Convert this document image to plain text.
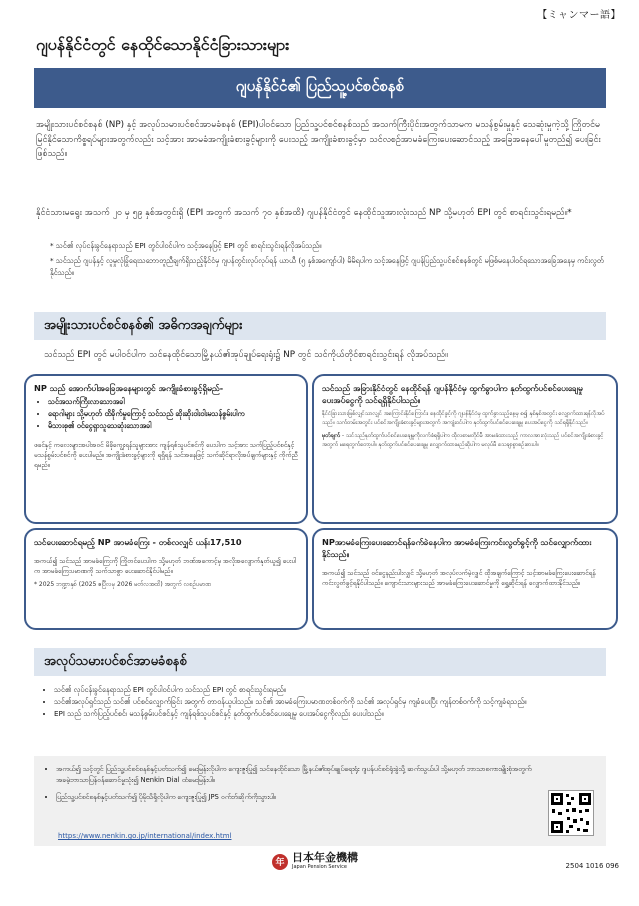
【ミャンマー語】
ဂျပန်နိုင်ငံတွင် နေထိုင်သောနိုင်ငံခြားသားများ
ဂျပန်နိုင်ငံ၏ ပြည်သူ့ပင်စင်စနစ်
အမျိုးသားပင်စင်စနစ် (NP) နှင့် အလုပ်သမားပင်စင်အာမခံစနစ် (EPI)ပါဝင်သော ပြည်သူ့ပင်စင်စနစ်သည် အသက်ကြီးပိုင်းအတွက်သာမက မသန်စွမ်းမှုနှင့် သေဆုံးမှုကဲ့သို့ ကြိုတင်မမြင်နိုင်သောကိစ္စရပ်များအတွက်လည်း သင့်အား အာမခံအကျိုးခံစားခွင့်များကို ပေးသည့် အကျိုးခံစားခွင့်မှာ သင်လစဉ်အာမခံကြေးပေးဆောင်သည့် အခြေအနေပေါ်မူတည်၍ ပေးခြင်းဖြစ်သည်။
နိုင်ငံသားမရွေး အသက် ၂၀ မှ ၅၉ နှစ်အတွင်းရှိ (EPI အတွက် အသက် ၇၀ နှစ်အထိ) ဂျပန်နိုင်ငံတွင် နေထိုင်သူအားလုံးသည် NP သို့မဟုတ် EPI တွင် စာရင်းသွင်းရမည်။*
* သင်၏ လုပ်ငန်းခွင်နေရာသည် EPI တွင်ပါဝင်ပါက သင့်အနေဖြင့် EPI တွင် စာရင်းသွင်းရန်လိုအပ်သည်။
* သင်သည် ဂျပန်နှင့် လူမှုလုံခြုံရေးသဘောတူညီချက်ရှိသည့်နိုင်ငံမှ ဂျပန်တွင်းလုပ်လုပ်ရန် ယာယီ (၅ နှစ်အကျော်ပါ) မိမိရပါက သင့်အနေဖြင့် ဂျပန်ပြည်သူ့ပင်စင်စနစ်တွင် မဖြစ်မနေပါဝင်ရသောအခြေအနေမှ ကင်းလွတ်နိုင်သည်။
အမျိုးသားပင်စင်စနစ်၏ အဓိကအချက်များ
သင်သည် EPI တွင် မပါဝင်ပါက သင်နေထိုင်သောမြို့နယ်၏အုပ်ချုပ်ရေးရုံး၌ NP တွင် သင်ကိုယ်တိုင်စာရင်းသွင်းရန် လိုအပ်သည်။
NP သည် အောက်ပါအခြေအနေများတွင် အကျိုးခံစားခွင့်ရှိမည်-
• သင်အသက်ကြီးလာသောအခါ
• ရောဂါများ သို့မဟုတ် ထိခိုက်မှုကြောင့် သင်သည် ဆိုးဆိုးဝါးဝါးမသန်စွမ်းပါက
• မိသားစု၏ ဝင်ငွေရှာသူသေဆုံးသောအခါ
ဖခင်နှင့် ကလေးများအပါအဝင် မိခိုကျွေးရန်သူများအား ကျန်ရစ်သူပင်စင်ကို ပေးပါက သင့်အား သက်ပြည့်ပင်စင်နှင့် မသန်စွမ်းပင်စင်ကို ပေးပါမည်။ အကျိုးခံစားခွင့်များကို ရရှိရန် သင်အနေဖြင့် သက်ဆိုင်ရာလိုအပ်ချက်များနှင့် ကိုက်ညီရမည်။
သင်သည် အခြားနိုင်ငံတွင် နေထိုင်ရန် ဂျပန်နိုင်ငံမှ ထွက်ခွာပါက နုတ်ထွက်ပင်စင်ပေးချေမှု ပေးအပ်ငွေကို သင်ရရှိနိုင်ပါသည်။
နိုင်ငံခြားသားဖြစ်လျှင်သာလျှင် အကြောင်းနိုင်ကြောင်း၊ နေထိုင်ခွင့်ကို ဂျပန်နိုင်ငံမှ ထွက်ခွာသည့်နေ့မှ စ၍ နှစ်နှစ်အတွင်း လျှောက်ထားရန်လိုအပ်သည်။ သက်တမ်းအတွင်း ပင်စင်အကျိုးခံစားခွင့်များအတွက် အကျုံးဝင်ပါက နုတ်ထွက်ပင်စင်ပေးချေမှု ပေးအပ်ငွေကို သင်ရရှိနိုင်သည်။
မှတ်ချက် - သင်သည်နုတ်ထွက်ပင်စင်ပေးချေမှုကိုလက်ခံရရှိပါက ထိုလစာမတိုင်မီ အာမခံထားသည့် ကာလအားလုံးသည် ပင်စင်အကျိုးခံစားခွင့်အတွက် မရေတွက်တော့ပါ။ နုတ်ထွက်ပင်စင်ပေးချေမှု လျှောက်ထားမည်ဆိုပါက မလုပ်မီ သေချာစွာစဉ်းစားပါ။
သင်ပေးဆောင်ရမည့် NP အာမခံကြေး - တစ်လလျှင် ယန်း17,510
အကယ်၍ သင်သည် အာမခံကြေးကို ကြိုတင်ပေးပါက သို့မဟုတ် ဘဏ်အကောင့်မှ အလိုအလျောက်နုတ်ယူ၍ ပေးပါက အာမခံကြေးပမာဏကို သက်သာစွာ ပေးဆောင်နိုင်ပါမည်။
* 2025 ဘဏ္ဍာနှစ် (2025 ဧပြီလမှ 2026 မတ်လအထိ) အတွက် လစဉ်ပမာဏ
NPအာမခံကြေးပေးဆောင်ရန်ခက်ခဲနေပါက အာမခံကြေးကင်းလွတ်ခွင့်ကို သင်လျှောက်ထားနိုင်သည်။
အကယ်၍ သင်သည် ဝင်ငွေနည်းပါးလျှင် သို့မဟုတ် အလုပ်လက်မဲ့လျှင် ထိုအချက်ကြောင့် သင့်အာမခံကြေးပေးဆောင်ရန် ကင်းလွတ်ခွင့်ရနိုင်ပါသည်။ ကျောင်းသားများသည် အာမခံကြေးပေးဆောင်မှုကို ရွှေ့ဆိုင်းရန် လျှောက်ထားနိုင်သည်။
အလုပ်သမားပင်စင်အာမခံစနစ်
• သင်၏ လုပ်ငန်းခွင်နေရာသည် EPI တွင်ပါဝင်ပါက သင်သည် EPI တွင် စာရင်းသွင်းရမည်။
• သင်၏အလုပ်ရှင်သည် သင်၏ ပင်စင်လျှောက်ခြင်း အတွက် တာဝန်ယူပါသည်။ သင်၏ အာမခံကြေးပမာဏတစ်ဝက်ကို သင်၏ အလုပ်ရှင်မှ ကျခံပေးပြီး ကျန်တစ်ဝက်ကို သင့်ကျခံရသည်။
• EPI သည် သက်ပြည့်ပင်စင်၊ မသန်စွမ်းပင်စင်နှင့် ကျန်ရစ်သူပင်စင်နှင့် နုတ်ထွက်ပင်စင်ပေးချေမှု ပေးအပ်ငွေကိုလည်း ပေးပါသည်။
• အကယ်၍ သင့်တွင် ပြည်သူ့ပင်စင်စနစ်နှင့်ပတ်သက်၍ မေးမြန်းလိုပါက ကျေးဇူးပြု၍ သင်နေထိုင်သော မြို့နယ်၏အုပ်ချုပ်ရေးရုံး ဂျပန်ပင်စင်ရုံးခွဲသို့ ဆက်သွယ်ပါ သို့မဟုတ် ဘာသာစကားမျိုးစုံအတွက် အခမဲ့ဘာသာပြန်ဝန်ဆောင်မှုသုံး၍ Nenkin Dial ထံမေးမြန်းပါ။
• ပြည်သူ့ပင်စင်စနစ်နှင့်ပတ်သက်၍ ပိုမိုသိရှိလိုပါက ကျေးဇူးပြု၍ JPS ဝက်ဘ်ဆိုက်ကိုသွားပါ။
https://www.nenkin.go.jp/international/index.html
年 日本年金機構
Japan Pension Service	2504 1016 096
